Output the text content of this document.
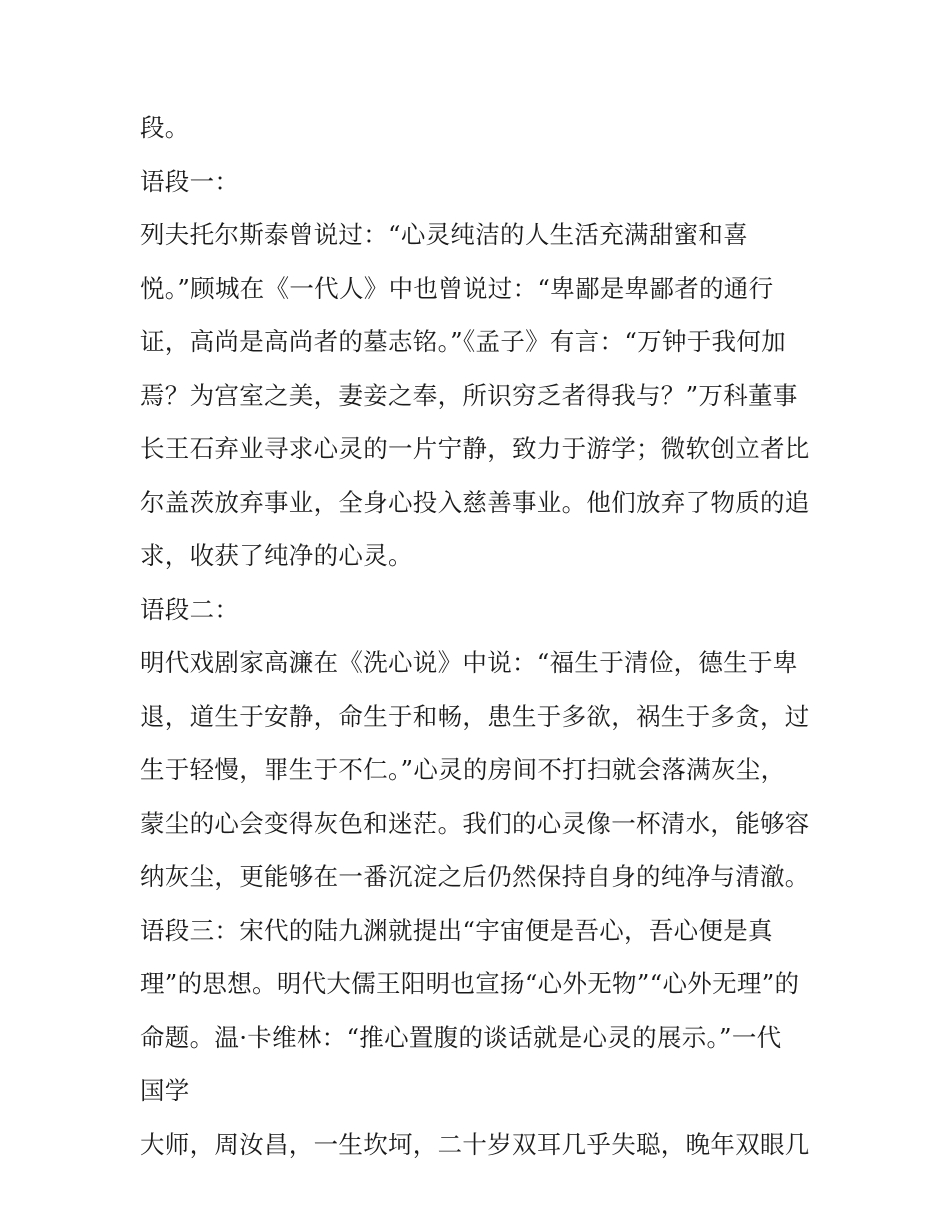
段。
语段一：
列夫托尔斯泰曾说过：“心灵纯洁的人生活充满甜蜜和喜
悦。”顾城在《一代人》中也曾说过：“卑鄙是卑鄙者的通行
证，高尚是高尚者的墓志铭。”《孟子》有言：“万钟于我何加
焉？为宫室之美，妻妾之奉，所识穷乏者得我与？”万科董事
长王石弃业寻求心灵的一片宁静，致力于游学；微软创立者比
尔盖茨放弃事业，全身心投入慈善事业。他们放弃了物质的追
求，收获了纯净的心灵。
语段二：
明代戏剧家高濂在《洗心说》中说：“福生于清俭，德生于卑
退，道生于安静，命生于和畅，患生于多欲，祸生于多贪，过
生于轻慢，罪生于不仁。”心灵的房间不打扫就会落满灰尘，
蒙尘的心会变得灰色和迷茫。我们的心灵像一杯清水，能够容
纳灰尘，更能够在一番沉淀之后仍然保持自身的纯净与清澈。
语段三：宋代的陆九渊就提出“宇宙便是吾心，吾心便是真
理”的思想。明代大儒王阳明也宣扬“心外无物”“心外无理”的
命题。温·卡维林：“推心置腹的谈话就是心灵的展示。”一代
国学
大师，周汝昌，一生坎坷，二十岁双耳几乎失聪，晚年双眼几
